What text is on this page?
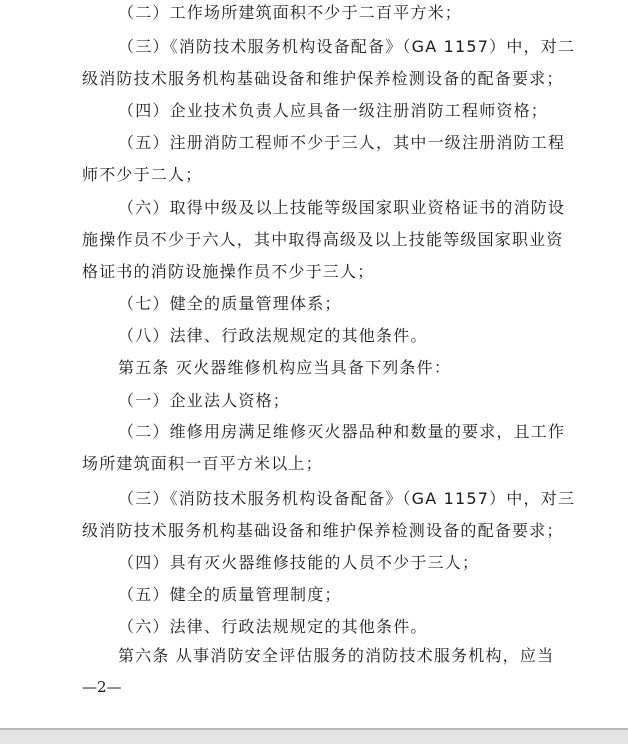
（二）工作场所建筑面积不少于二百平方米；
（三）《消防技术服务机构设备配备》（GA 1157）中，对二
级消防技术服务机构基础设备和维护保养检测设备的配备要求；
（四）企业技术负责人应具备一级注册消防工程师资格；
（五）注册消防工程师不少于三人，其中一级注册消防工程
师不少于二人；
（六）取得中级及以上技能等级国家职业资格证书的消防设
施操作员不少于六人，其中取得高级及以上技能等级国家职业资
格证书的消防设施操作员不少于三人；
（七）健全的质量管理体系；
（八）法律、行政法规规定的其他条件。
第五条 灭火器维修机构应当具备下列条件：
（一）企业法人资格；
（二）维修用房满足维修灭火器品种和数量的要求，且工作
场所建筑面积一百平方米以上；
（三）《消防技术服务机构设备配备》（GA 1157）中，对三
级消防技术服务机构基础设备和维护保养检测设备的配备要求；
（四）具有灭火器维修技能的人员不少于三人；
（五）健全的质量管理制度；
（六）法律、行政法规规定的其他条件。
第六条 从事消防安全评估服务的消防技术服务机构，应当
—2—
